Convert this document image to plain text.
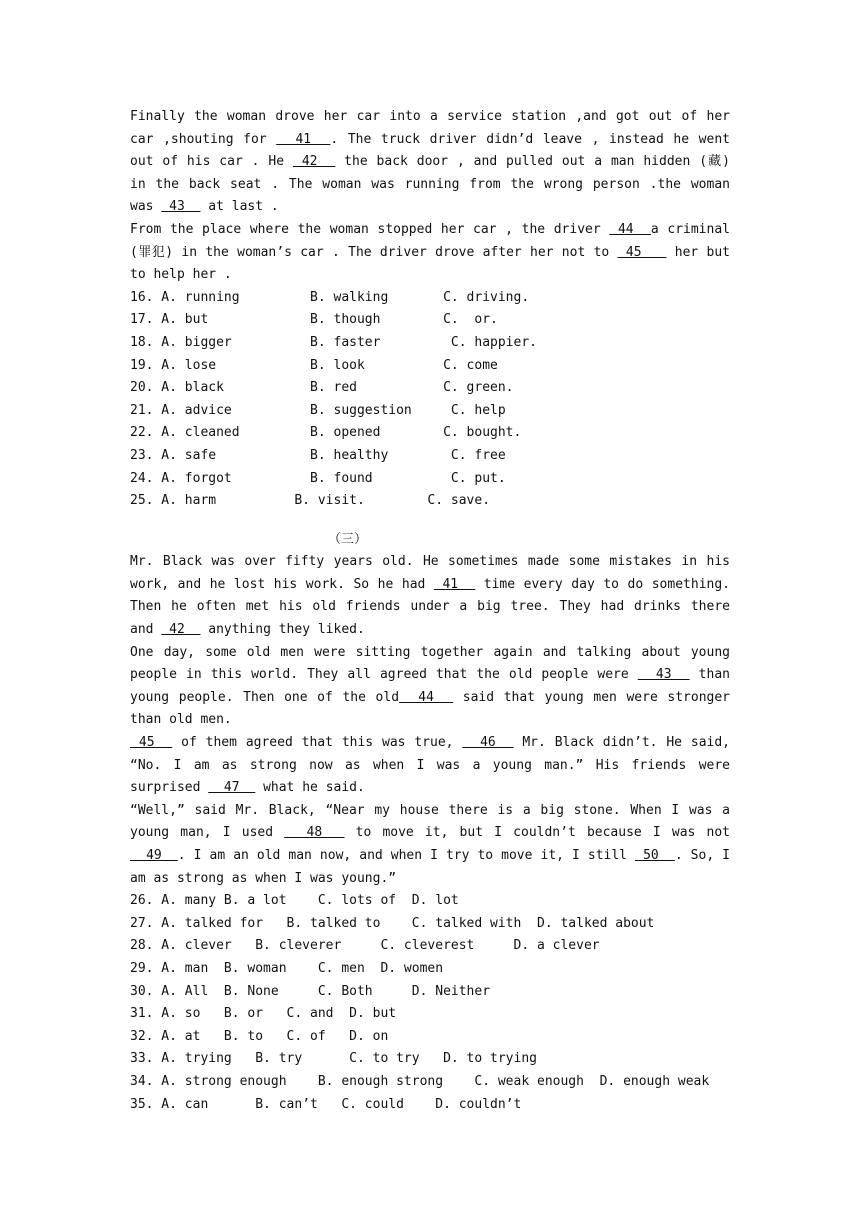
Finally the woman drove her car into a service station ,and got out of her car ,shouting for   41  . The truck driver didn’d leave , instead he went out of his car . He  42   the back door , and pulled out a man hidden (藏) in the back seat . The woman was running from the wrong person .the woman was  43   at last .

From the place where the woman stopped her car , the driver  44  a criminal (罪犯) in the woman’s car . The driver drove after her not to  45    her but to help her .

16. A. running         B. walking       C. driving.

17. A. but             B. though        C.  or.

18. A. bigger          B. faster         C. happier.

19. A. lose            B. look          C. come

20. A. black           B. red           C. green.

21. A. advice          B. suggestion     C. help

22. A. cleaned         B. opened        C. bought.

23. A. safe            B. healthy        C. free

24. A. forgot          B. found          C. put.

25. A. harm          B. visit.        C. save.

（三）

Mr. Black was over fifty years old. He sometimes made some mistakes in his work, and he lost his work. So he had  41   time every day to do something. Then he often met his old friends under a big tree. They had drinks there and  42   anything they liked.

One day, some old men were sitting together again and talking about young people in this world. They all agreed that the old people were   43   than young people. Then one of the old  44   said that young men were stronger than old men.

45   of them agreed that this was true,   46   Mr. Black didn’t. He said, “No. I am as strong now as when I was a young man.” His friends were surprised   47   what he said.

“Well,” said Mr. Black, “Near my house there is a big stone. When I was a young man, I used   48   to move it, but I couldn’t because I was not   49  . I am an old man now, and when I try to move it, I still  50  . So, I am as strong as when I was young.”

26. A. many B. a lot    C. lots of  D. lot

27. A. talked for   B. talked to    C. talked with  D. talked about

28. A. clever   B. cleverer     C. cleverest     D. a clever

29. A. man  B. woman    C. men  D. women

30. A. All  B. None     C. Both     D. Neither

31. A. so   B. or   C. and  D. but

32. A. at   B. to   C. of   D. on

33. A. trying   B. try      C. to try   D. to trying

34. A. strong enough    B. enough strong    C. weak enough  D. enough weak

35. A. can      B. can’t   C. could    D. couldn’t
